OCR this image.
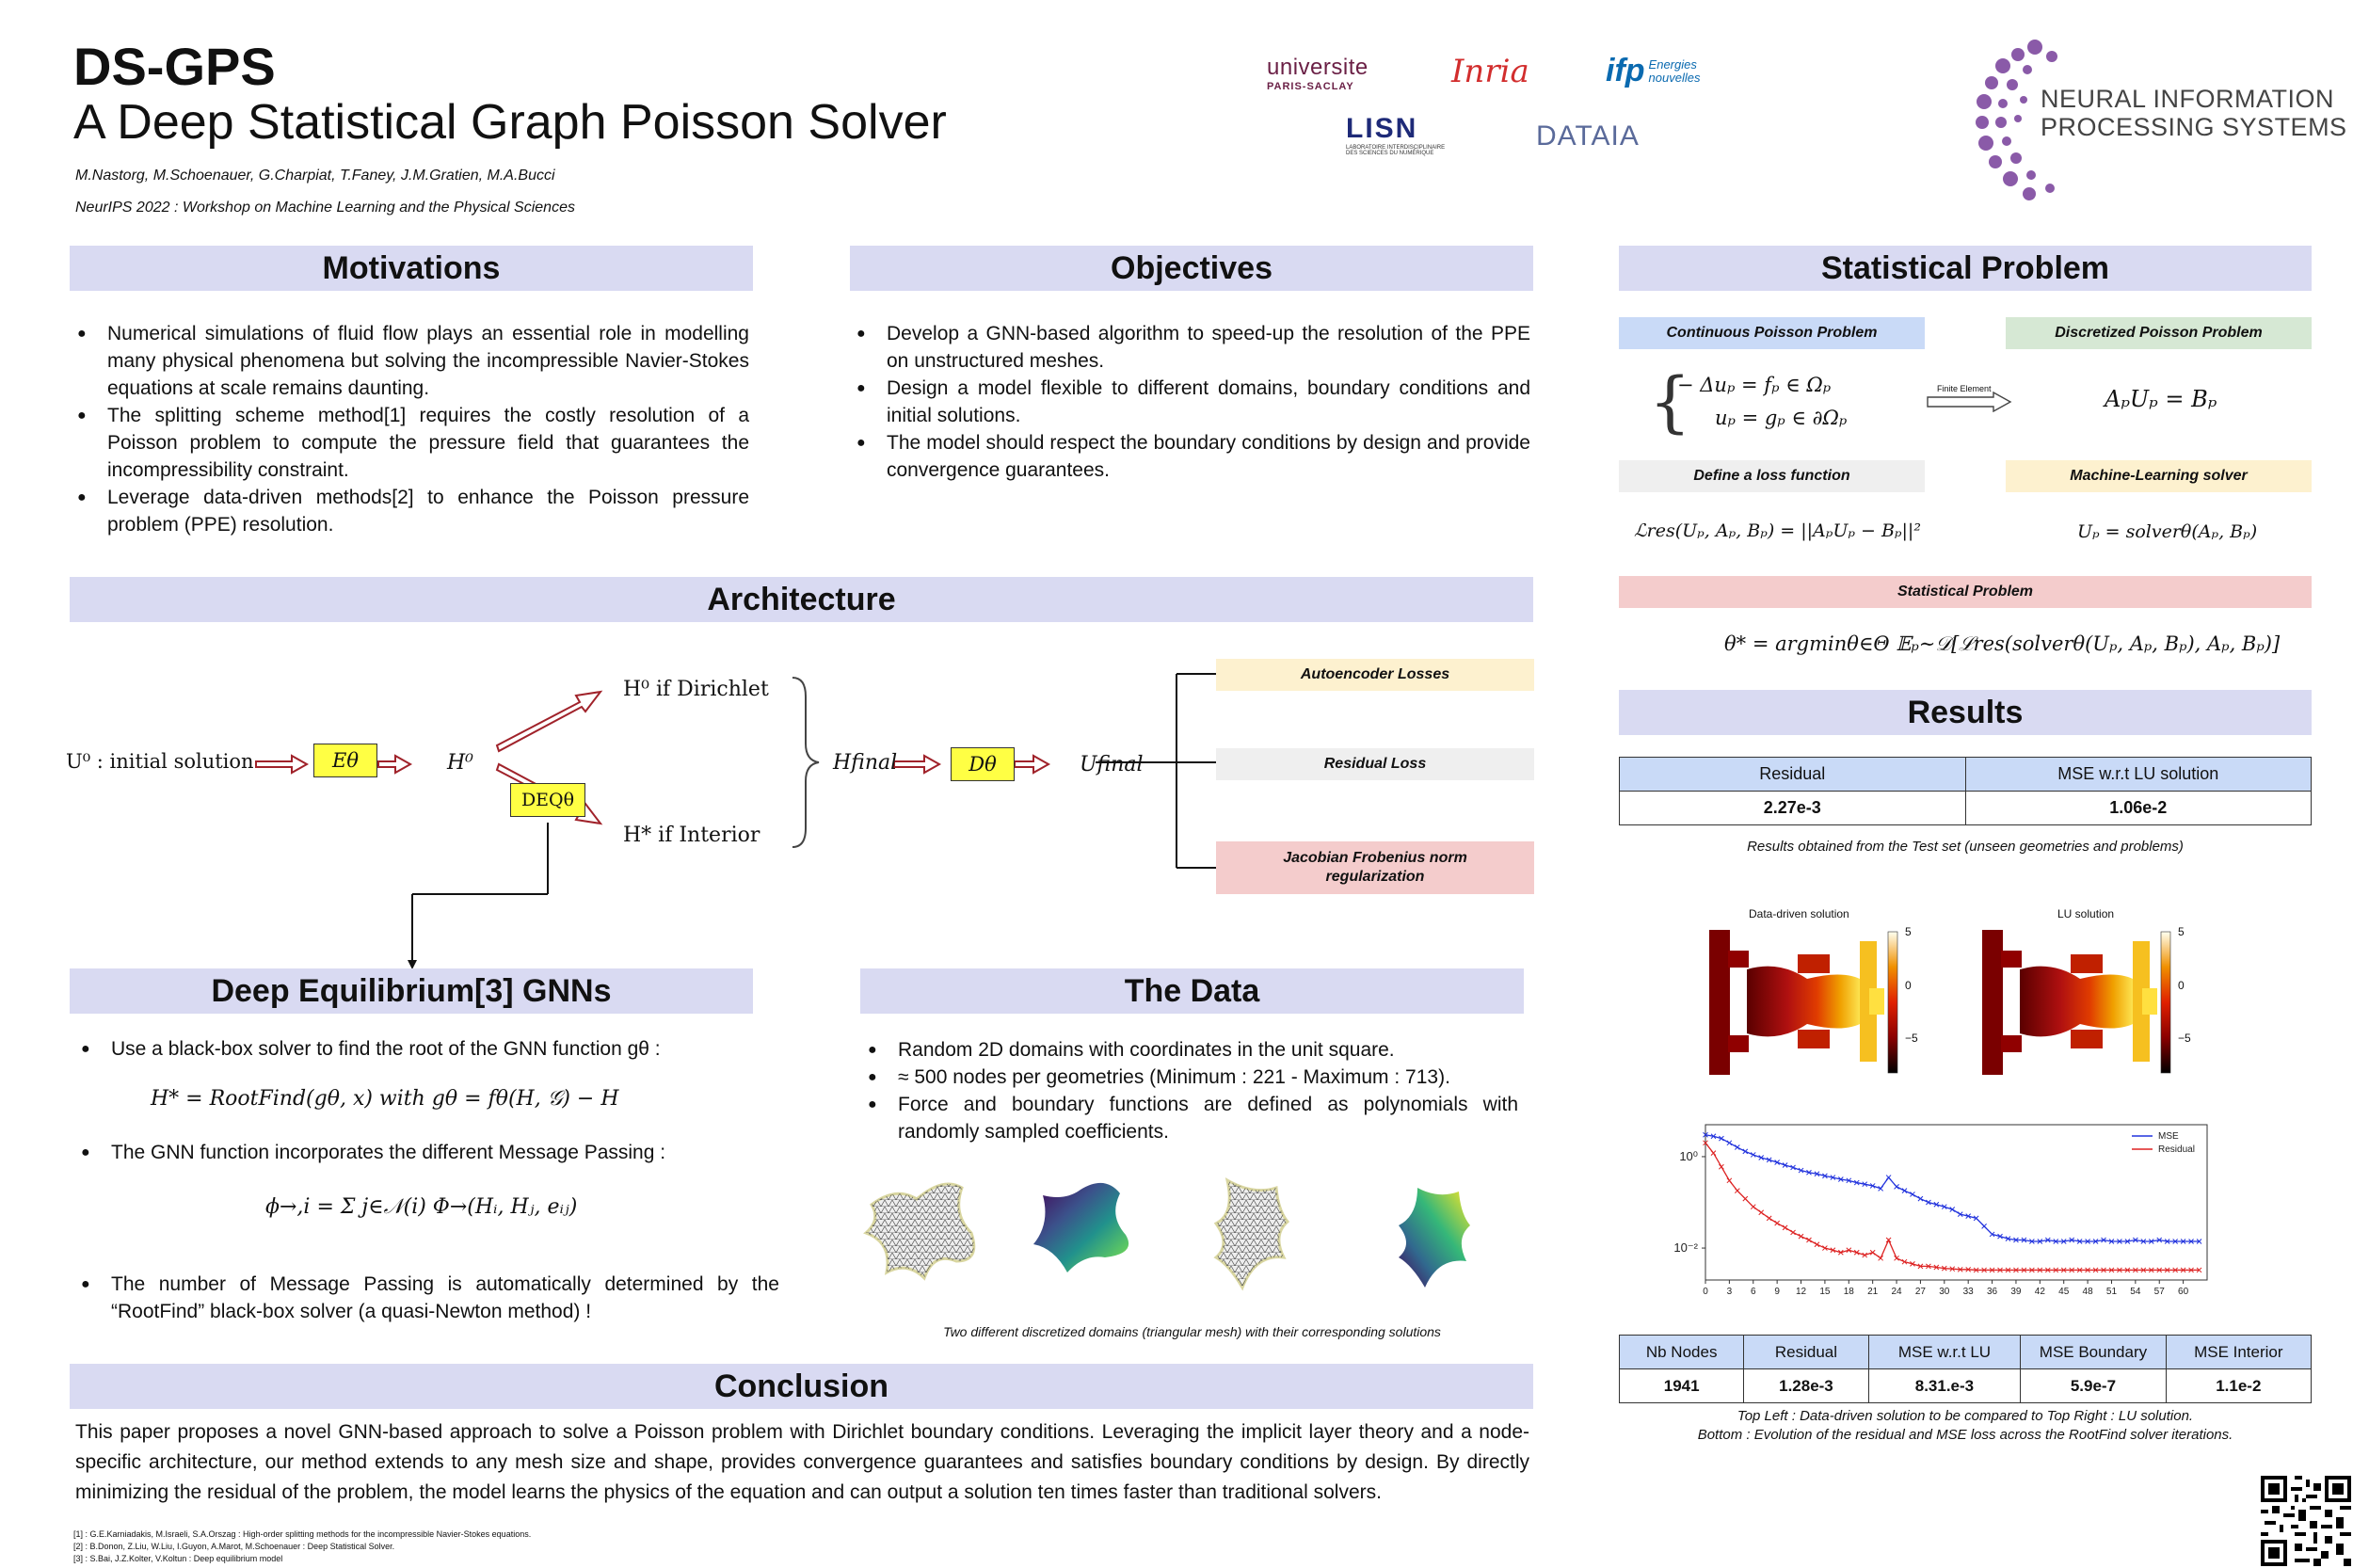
DS-GPS
A Deep Statistical Graph Poisson Solver
M.Nastorg, M.Schoenauer, G.Charpiat, T.Faney, J.M.Gratien, M.A.Bucci
NeurIPS 2022 : Workshop on Machine Learning and the Physical Sciences
universite
PARIS-SACLAY	Inria ifp Energies
nouvelles
LISN
LABORATOIRE INTERDISCIPLINAIRE
DES SCIENCES DU NUMÉRIQUE
DATAIA
NEURAL INFORMATION
PROCESSING SYSTEMS
Motivations
● Numerical simulations of fluid flow plays an essential role in modelling many physical phenomena but solving the incompressible Navier-Stokes equations at scale remains daunting.
● The splitting scheme method[1] requires the costly resolution of a Poisson problem to compute the pressure field that guarantees the incompressibility constraint.
● Leverage data-driven methods[2] to enhance the Poisson pressure problem (PPE) resolution.
Objectives
● Develop a GNN-based algorithm to speed-up the resolution of the PPE on unstructured meshes.
● Design a model flexible to different domains, boundary conditions and initial solutions.
● The model should respect the boundary conditions by design and provide convergence guarantees.
Statistical Problem
Continuous Poisson Problem	Discretized Poisson Problem
{
− Δuₚ = fₚ ∈ Ωₚ
uₚ = gₚ ∈ ∂Ωₚ
Finite Element	AₚUₚ = Bₚ
Define a loss function	Machine-Learning solver
ℒres(Uₚ, Aₚ, Bₚ) = ||AₚUₚ − Bₚ||²	Uₚ = solverθ(Aₚ, Bₚ)
Statistical Problem
θ* = argminθ∈Θ 𝔼ₚ∼𝒟[ℒres(solverθ(Uₚ, Aₚ, Bₚ), Aₚ, Bₚ)]
Architecture
U⁰ : initial solution	Eθ	H⁰
DEQθ
H⁰ if Dirichlet
H* if Interior
Hfinal	Dθ	Ufinal
Autoencoder Losses
Residual Loss
Jacobian Frobenius norm regularization
Deep Equilibrium[3] GNNs
● Use a black-box solver to find the root of the GNN function gθ :
H* = RootFind(gθ, x) with gθ = fθ(H, 𝒢) − H
● The GNN function incorporates the different Message Passing :
ϕ→,i = Σ j∈𝒩(i) Φ→(Hᵢ, Hⱼ, eᵢⱼ)
● The number of Message Passing is automatically determined by the “RootFind” black-box solver (a quasi-Newton method) !
The Data
● Random 2D domains with coordinates in the unit square.
● ≈ 500 nodes per geometries (Minimum : 221 - Maximum : 713).
● Force and boundary functions are defined as polynomials with randomly sampled coefficients.
Two different discretized domains (triangular mesh) with their corresponding solutions
Results
Residual	MSE w.r.t LU solution
2.27e-3	1.06e-2
Results obtained from the Test set (unseen geometries and problems)
Data-driven solution	LU solution
5
0
−5
5
0
−5
0 3 6 9 12 15 18 21 24 27 30 33 36 39 42 45 48 51 54 57 60
10⁰
10⁻²
MSE
Residual
Nb Nodes	Residual	MSE w.r.t LU	MSE Boundary	MSE Interior
1941	1.28e-3	8.31.e-3	5.9e-7	1.1e-2
Top Left : Data-driven solution to be compared to Top Right : LU solution.
Bottom : Evolution of the residual and MSE loss across the RootFind solver iterations.
Conclusion
This paper proposes a novel GNN-based approach to solve a Poisson problem with Dirichlet boundary conditions. Leveraging the implicit layer theory and a node-specific architecture, our method extends to any mesh size and shape, provides convergence guarantees and satisfies boundary conditions by design. By directly minimizing the residual of the problem, the model learns the physics of the equation and can output a solution ten times faster than traditional solvers.
[1] : G.E.Karniadakis, M.Israeli, S.A.Orszag : High-order splitting methods for the incompressible Navier-Stokes equations.
[2] : B.Donon, Z.Liu, W.Liu, I.Guyon, A.Marot, M.Schoenauer : Deep Statistical Solver.
[3] : S.Bai, J.Z.Kolter, V.Koltun : Deep equilibrium model
